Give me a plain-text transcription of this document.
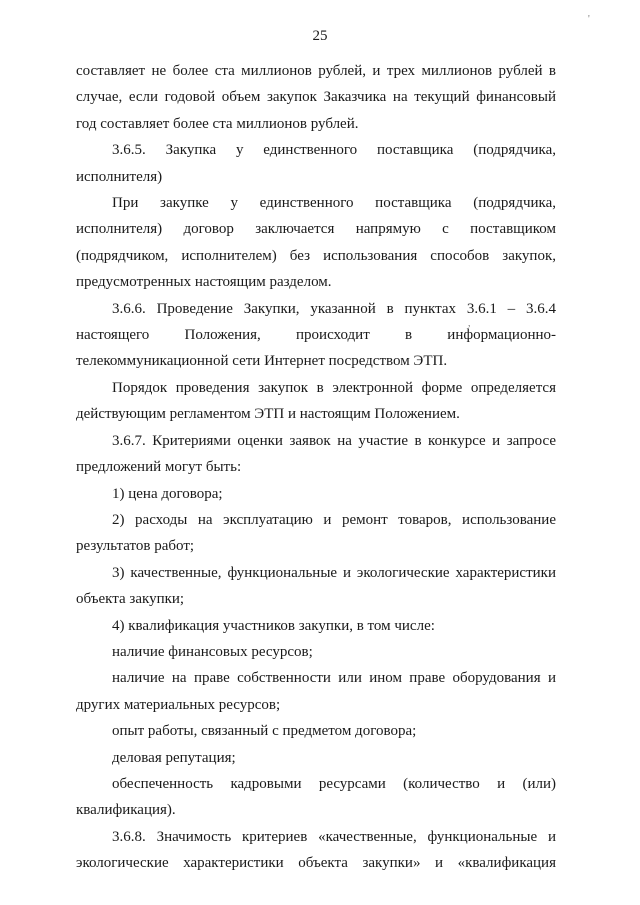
25
'
,

составляет не более ста миллионов рублей, и трех миллионов рублей в случае, если годовой объем закупок Заказчика на текущий финансовый год составляет более ста миллионов рублей.

3.6.5. Закупка у единственного поставщика (подрядчика, исполнителя)

При закупке у единственного поставщика (подрядчика, исполнителя) договор заключается напрямую с поставщиком (подрядчиком, исполнителем) без использования способов закупок, предусмотренных настоящим разделом.

3.6.6. Проведение Закупки, указанной в пунктах 3.6.1 – 3.6.4 настоящего Положения, происходит в информационно-телекоммуникационной сети Интернет посредством ЭТП.

Порядок проведения закупок в электронной форме определяется действующим регламентом ЭТП и настоящим Положением.

3.6.7. Критериями оценки заявок на участие в конкурсе и запросе предложений могут быть:

1) цена договора;

2) расходы на эксплуатацию и ремонт товаров, использование результатов работ;

3) качественные, функциональные и экологические характеристики объекта закупки;

4) квалификация участников закупки, в том числе:

наличие финансовых ресурсов;

наличие на праве собственности или ином праве оборудования и других материальных ресурсов;

опыт работы, связанный с предметом договора;

деловая репутация;

обеспеченность кадровыми ресурсами (количество и (или) квалификация).

3.6.8. Значимость критериев «качественные, функциональные и экологические характеристики объекта закупки» и «квалификация
